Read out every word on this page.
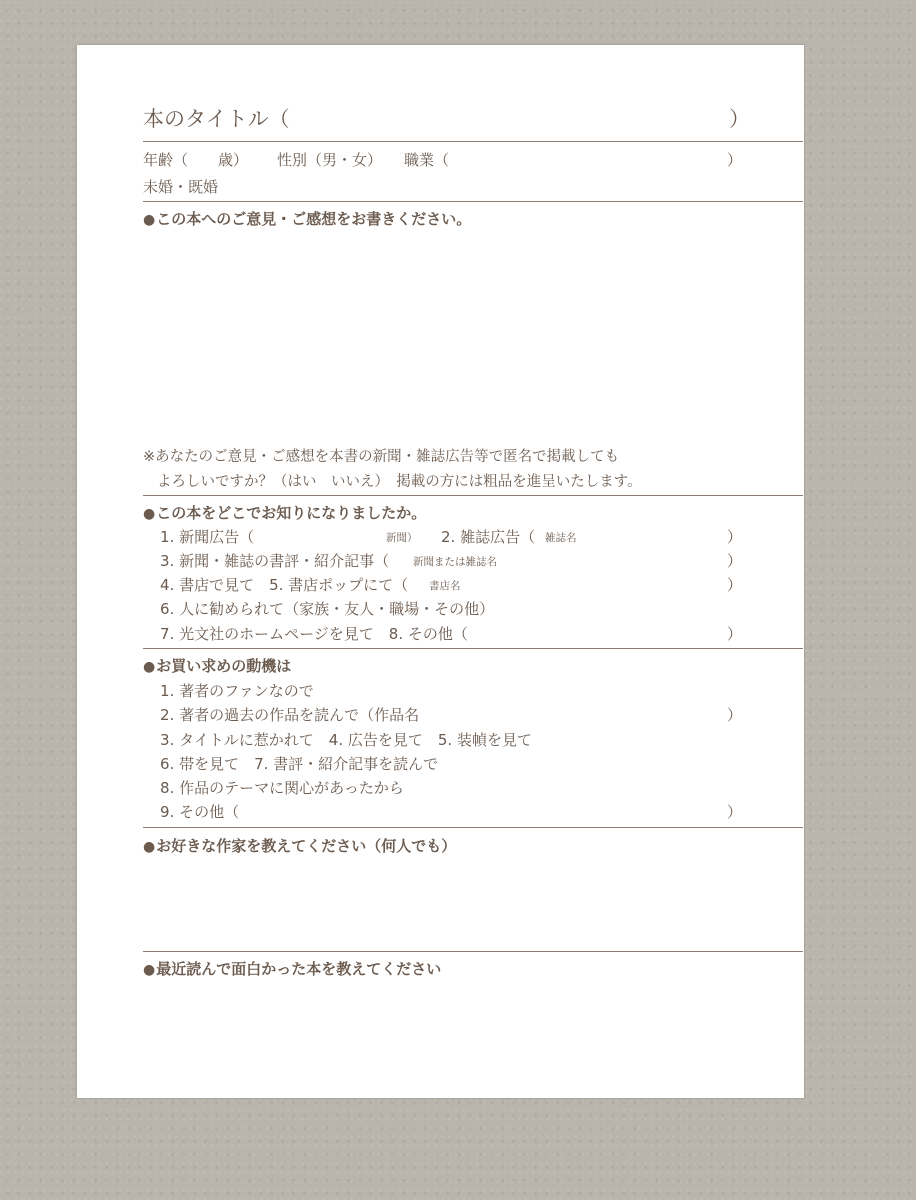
本のタイトル（	）
年齢（　　歳） 性別（男・女） 職業（	）
未婚・既婚
●この本へのご意見・ご感想をお書きください。
※あなたのご意見・ご感想を本書の新聞・雑誌広告等で匿名で掲載しても
よろしいですか？（はい　いいえ）　掲載の方には粗品を進呈いたします。
●この本をどこでお知りになりましたか。
1. 新聞広告（	新聞） 2. 雑誌広告（ 雑誌名	）
3. 新聞・雑誌の書評・紹介記事（ 新聞または雑誌名	）
4. 書店で見て　5. 書店ポップにて（ 書店名	）
6. 人に勧められて（家族・友人・職場・その他）
7. 光文社のホームページを見て　8. その他（	）
●お買い求めの動機は
1. 著者のファンなので
2. 著者の過去の作品を読んで（作品名	）
3. タイトルに惹かれて　4. 広告を見て　5. 装幀を見て
6. 帯を見て　7. 書評・紹介記事を読んで
8. 作品のテーマに関心があったから
9. その他（	）
●お好きな作家を教えてください（何人でも）
●最近読んで面白かった本を教えてください
